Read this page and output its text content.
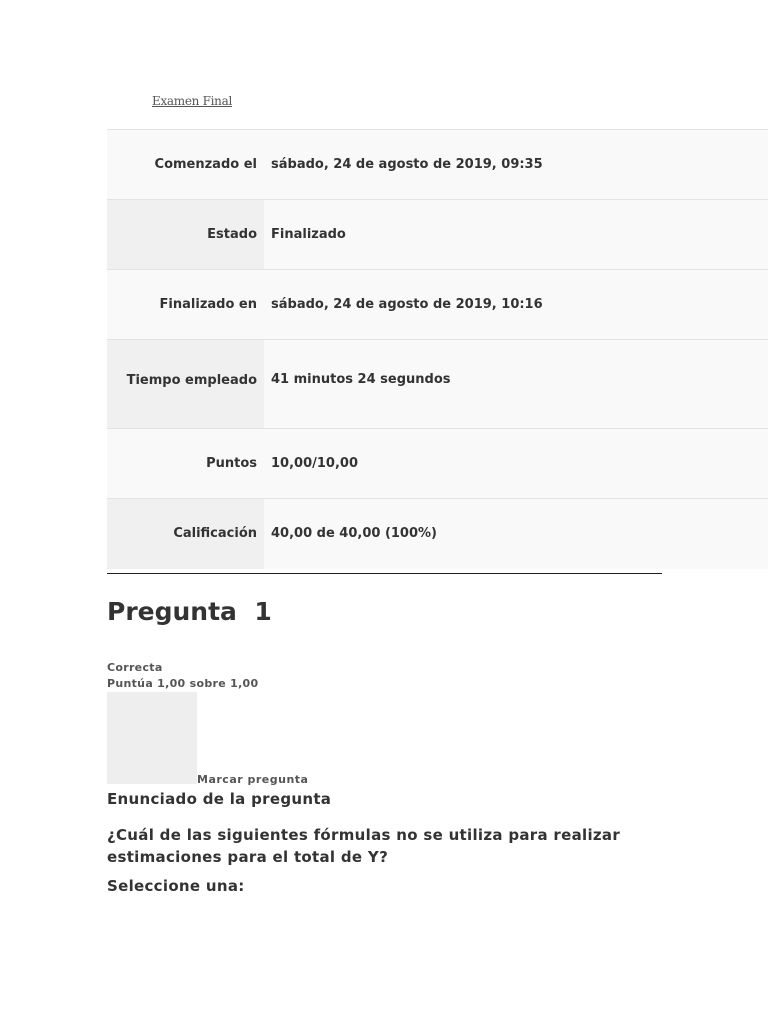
Examen Final
Comenzado el	sábado, 24 de agosto de 2019, 09:35
Estado	Finalizado
Finalizado en	sábado, 24 de agosto de 2019, 10:16
Tiempo empleado	41 minutos 24 segundos
Puntos	10,00/10,00
Calificación	40,00 de 40,00 (100%)
Pregunta  1
Correcta
Puntúa 1,00 sobre 1,00
Marcar pregunta
Enunciado de la pregunta
¿Cuál de las siguientes fórmulas no se utiliza para realizar estimaciones para el total de Y?
Seleccione una:
